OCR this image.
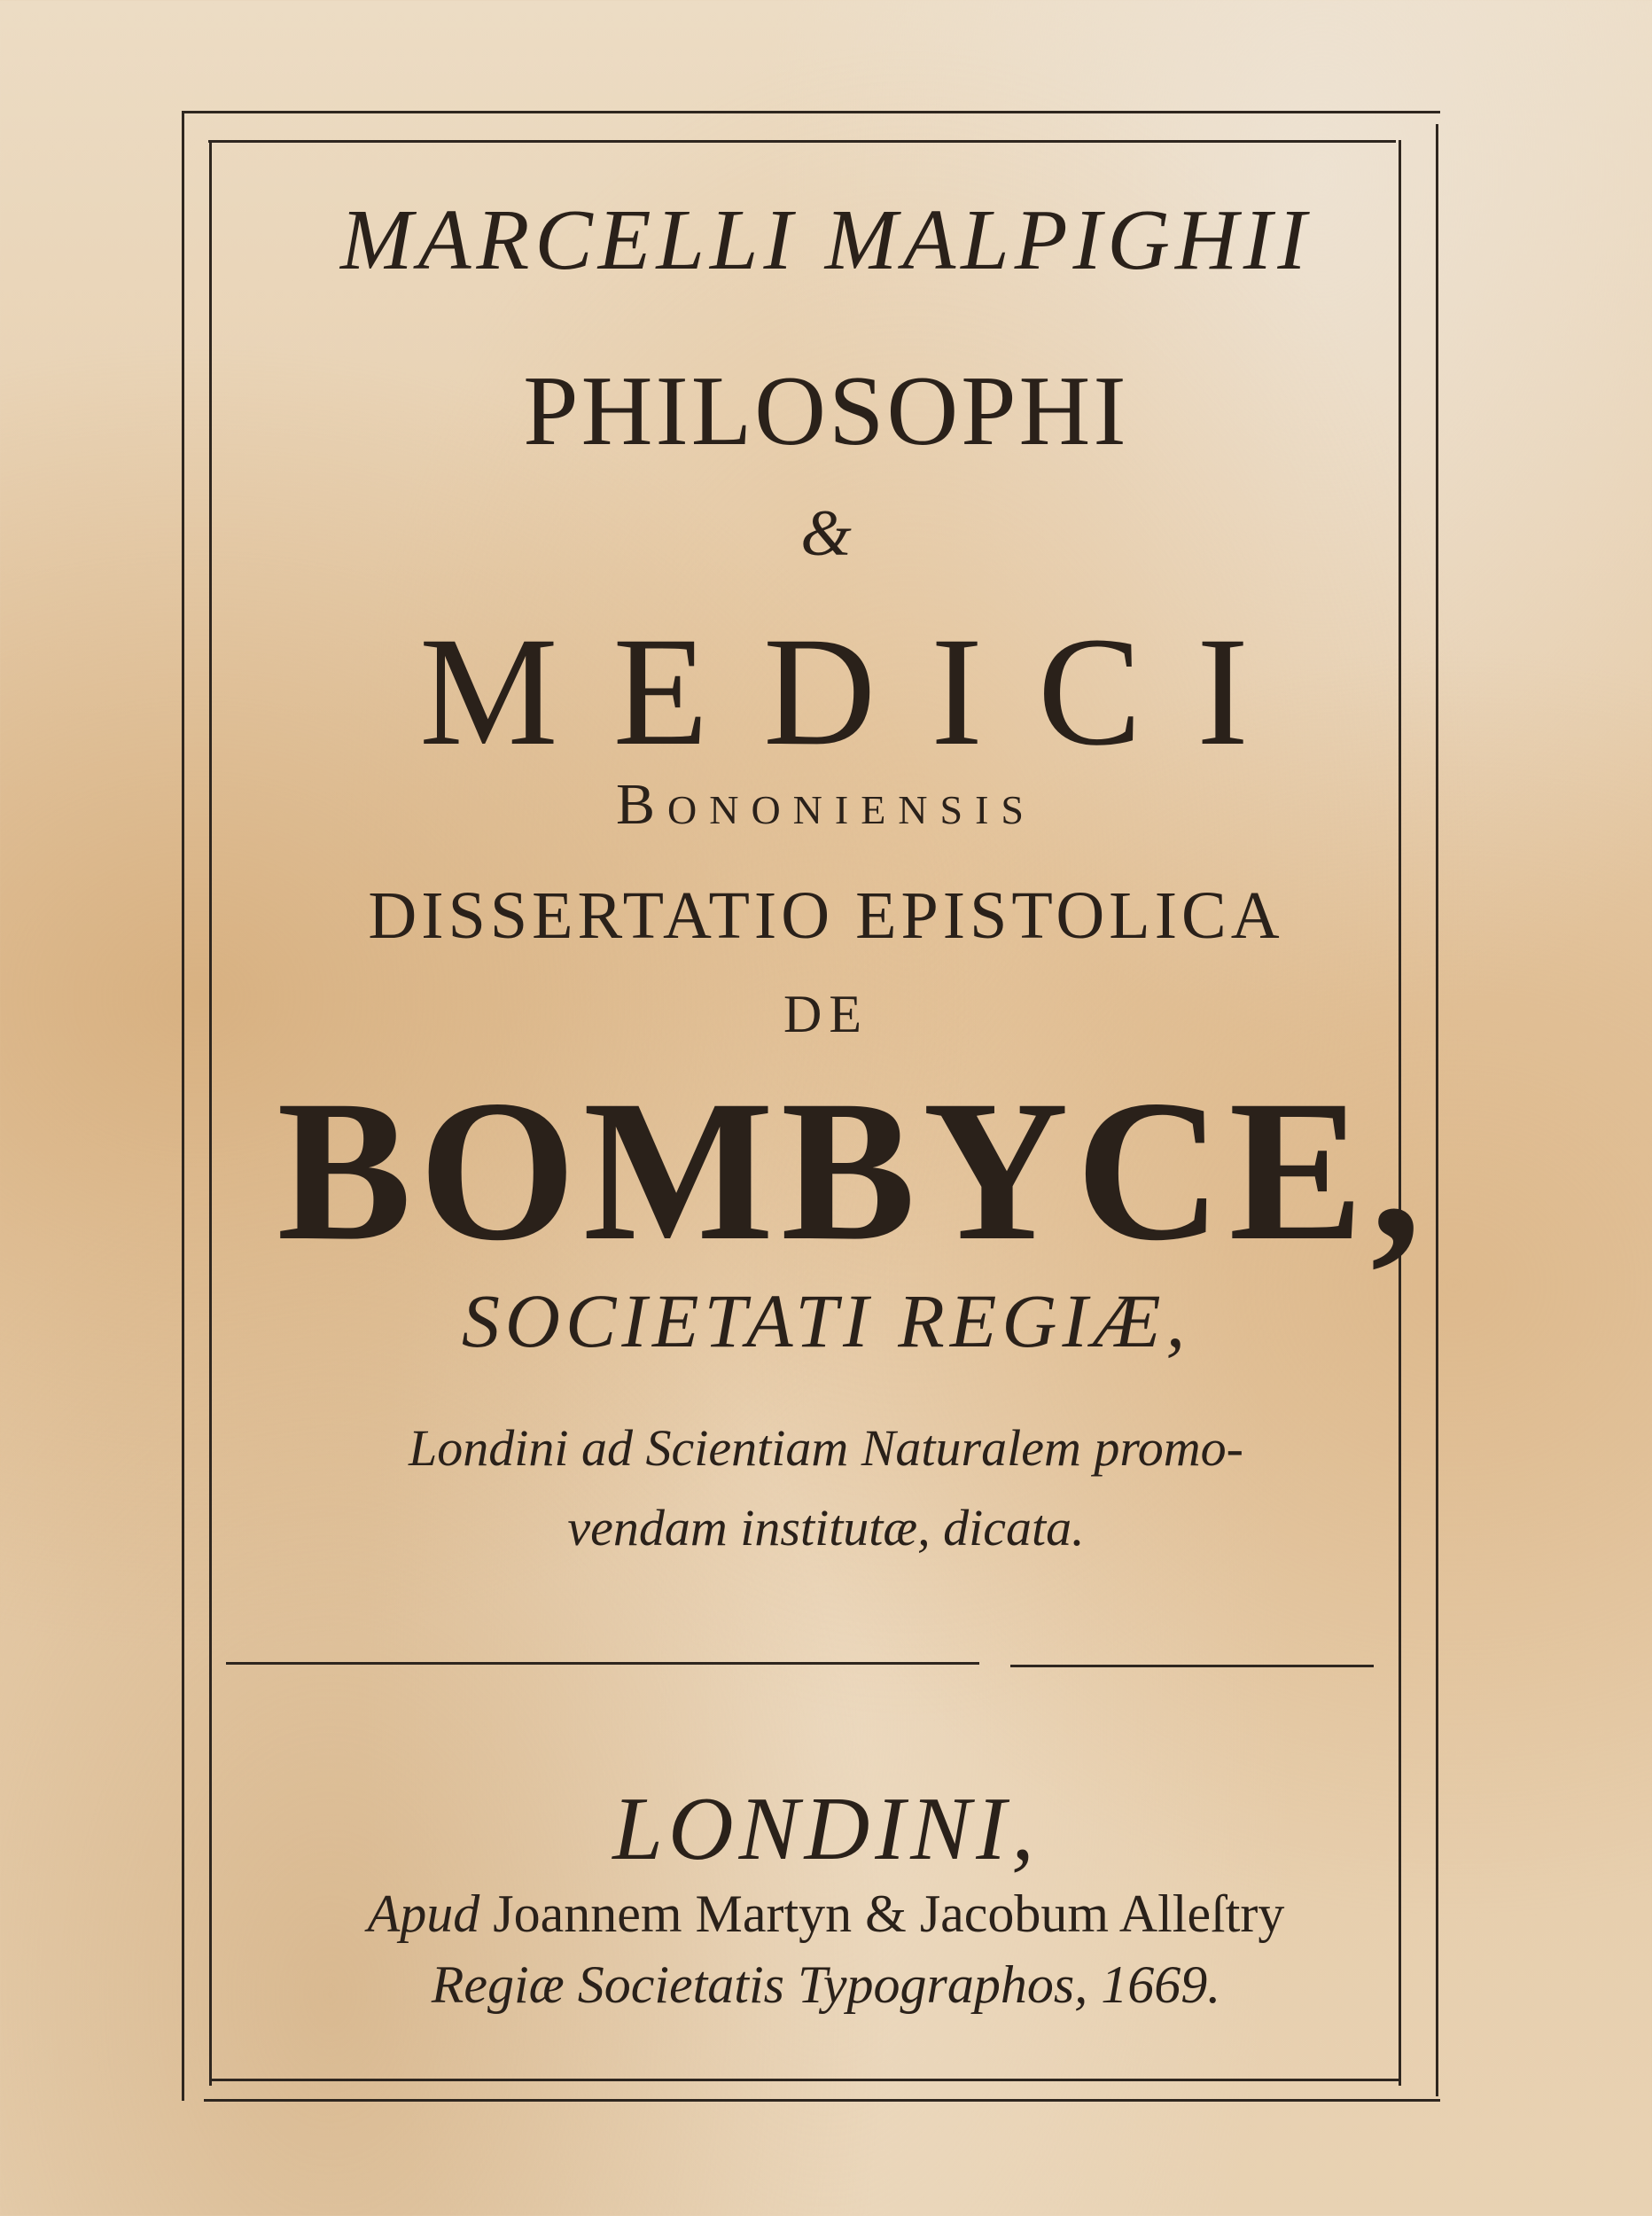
MARCELLI MALPIGHII
PHILOSOPHI
&
MEDICI
Bononiensis
DISSERTATIO EPISTOLICA
DE
BOMBYCE,
SOCIETATI REGIÆ,
Londini ad Scientiam Naturalem promo-
vendam institutæ, dicata.
LONDINI,
Apud Joannem Martyn & Jacobum Alleſtry
Regiæ Societatis Typographos, 1669.
